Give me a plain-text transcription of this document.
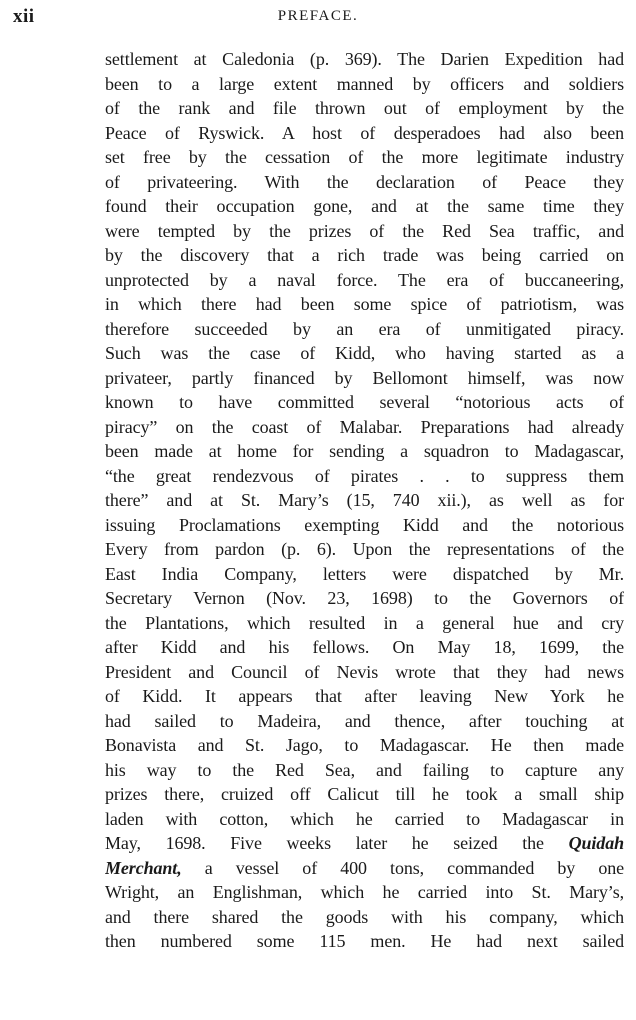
xii	PREFACE.
settlement at Caledonia (p. 369). The Darien Expedition had
been to a large extent manned by officers and soldiers
of the rank and file thrown out of employment by the
Peace of Ryswick. A host of desperadoes had also been
set free by the cessation of the more legitimate industry
of privateering. With the declaration of Peace they
found their occupation gone, and at the same time they
were tempted by the prizes of the Red Sea traffic, and
by the discovery that a rich trade was being carried on
unprotected by a naval force. The era of buccaneering,
in which there had been some spice of patriotism, was
therefore succeeded by an era of unmitigated piracy.
Such was the case of Kidd, who having started as a
privateer, partly financed by Bellomont himself, was now
known to have committed several “notorious acts of
piracy” on the coast of Malabar. Preparations had already
been made at home for sending a squadron to Madagascar,
“the great rendezvous of pirates . . to suppress them
there” and at St. Mary’s (15, 740 xii.), as well as for
issuing Proclamations exempting Kidd and the notorious
Every from pardon (p. 6). Upon the representations of the
East India Company, letters were dispatched by Mr.
Secretary Vernon (Nov. 23, 1698) to the Governors of
the Plantations, which resulted in a general hue and cry
after Kidd and his fellows. On May 18, 1699, the
President and Council of Nevis wrote that they had news
of Kidd. It appears that after leaving New York he
had sailed to Madeira, and thence, after touching at
Bonavista and St. Jago, to Madagascar. He then made
his way to the Red Sea, and failing to capture any
prizes there, cruized off Calicut till he took a small ship
laden with cotton, which he carried to Madagascar in
May, 1698. Five weeks later he seized the Quidah
Merchant, a vessel of 400 tons, commanded by one
Wright, an Englishman, which he carried into St. Mary’s,
and there shared the goods with his company, which
then numbered some 115 men. He had next sailed
